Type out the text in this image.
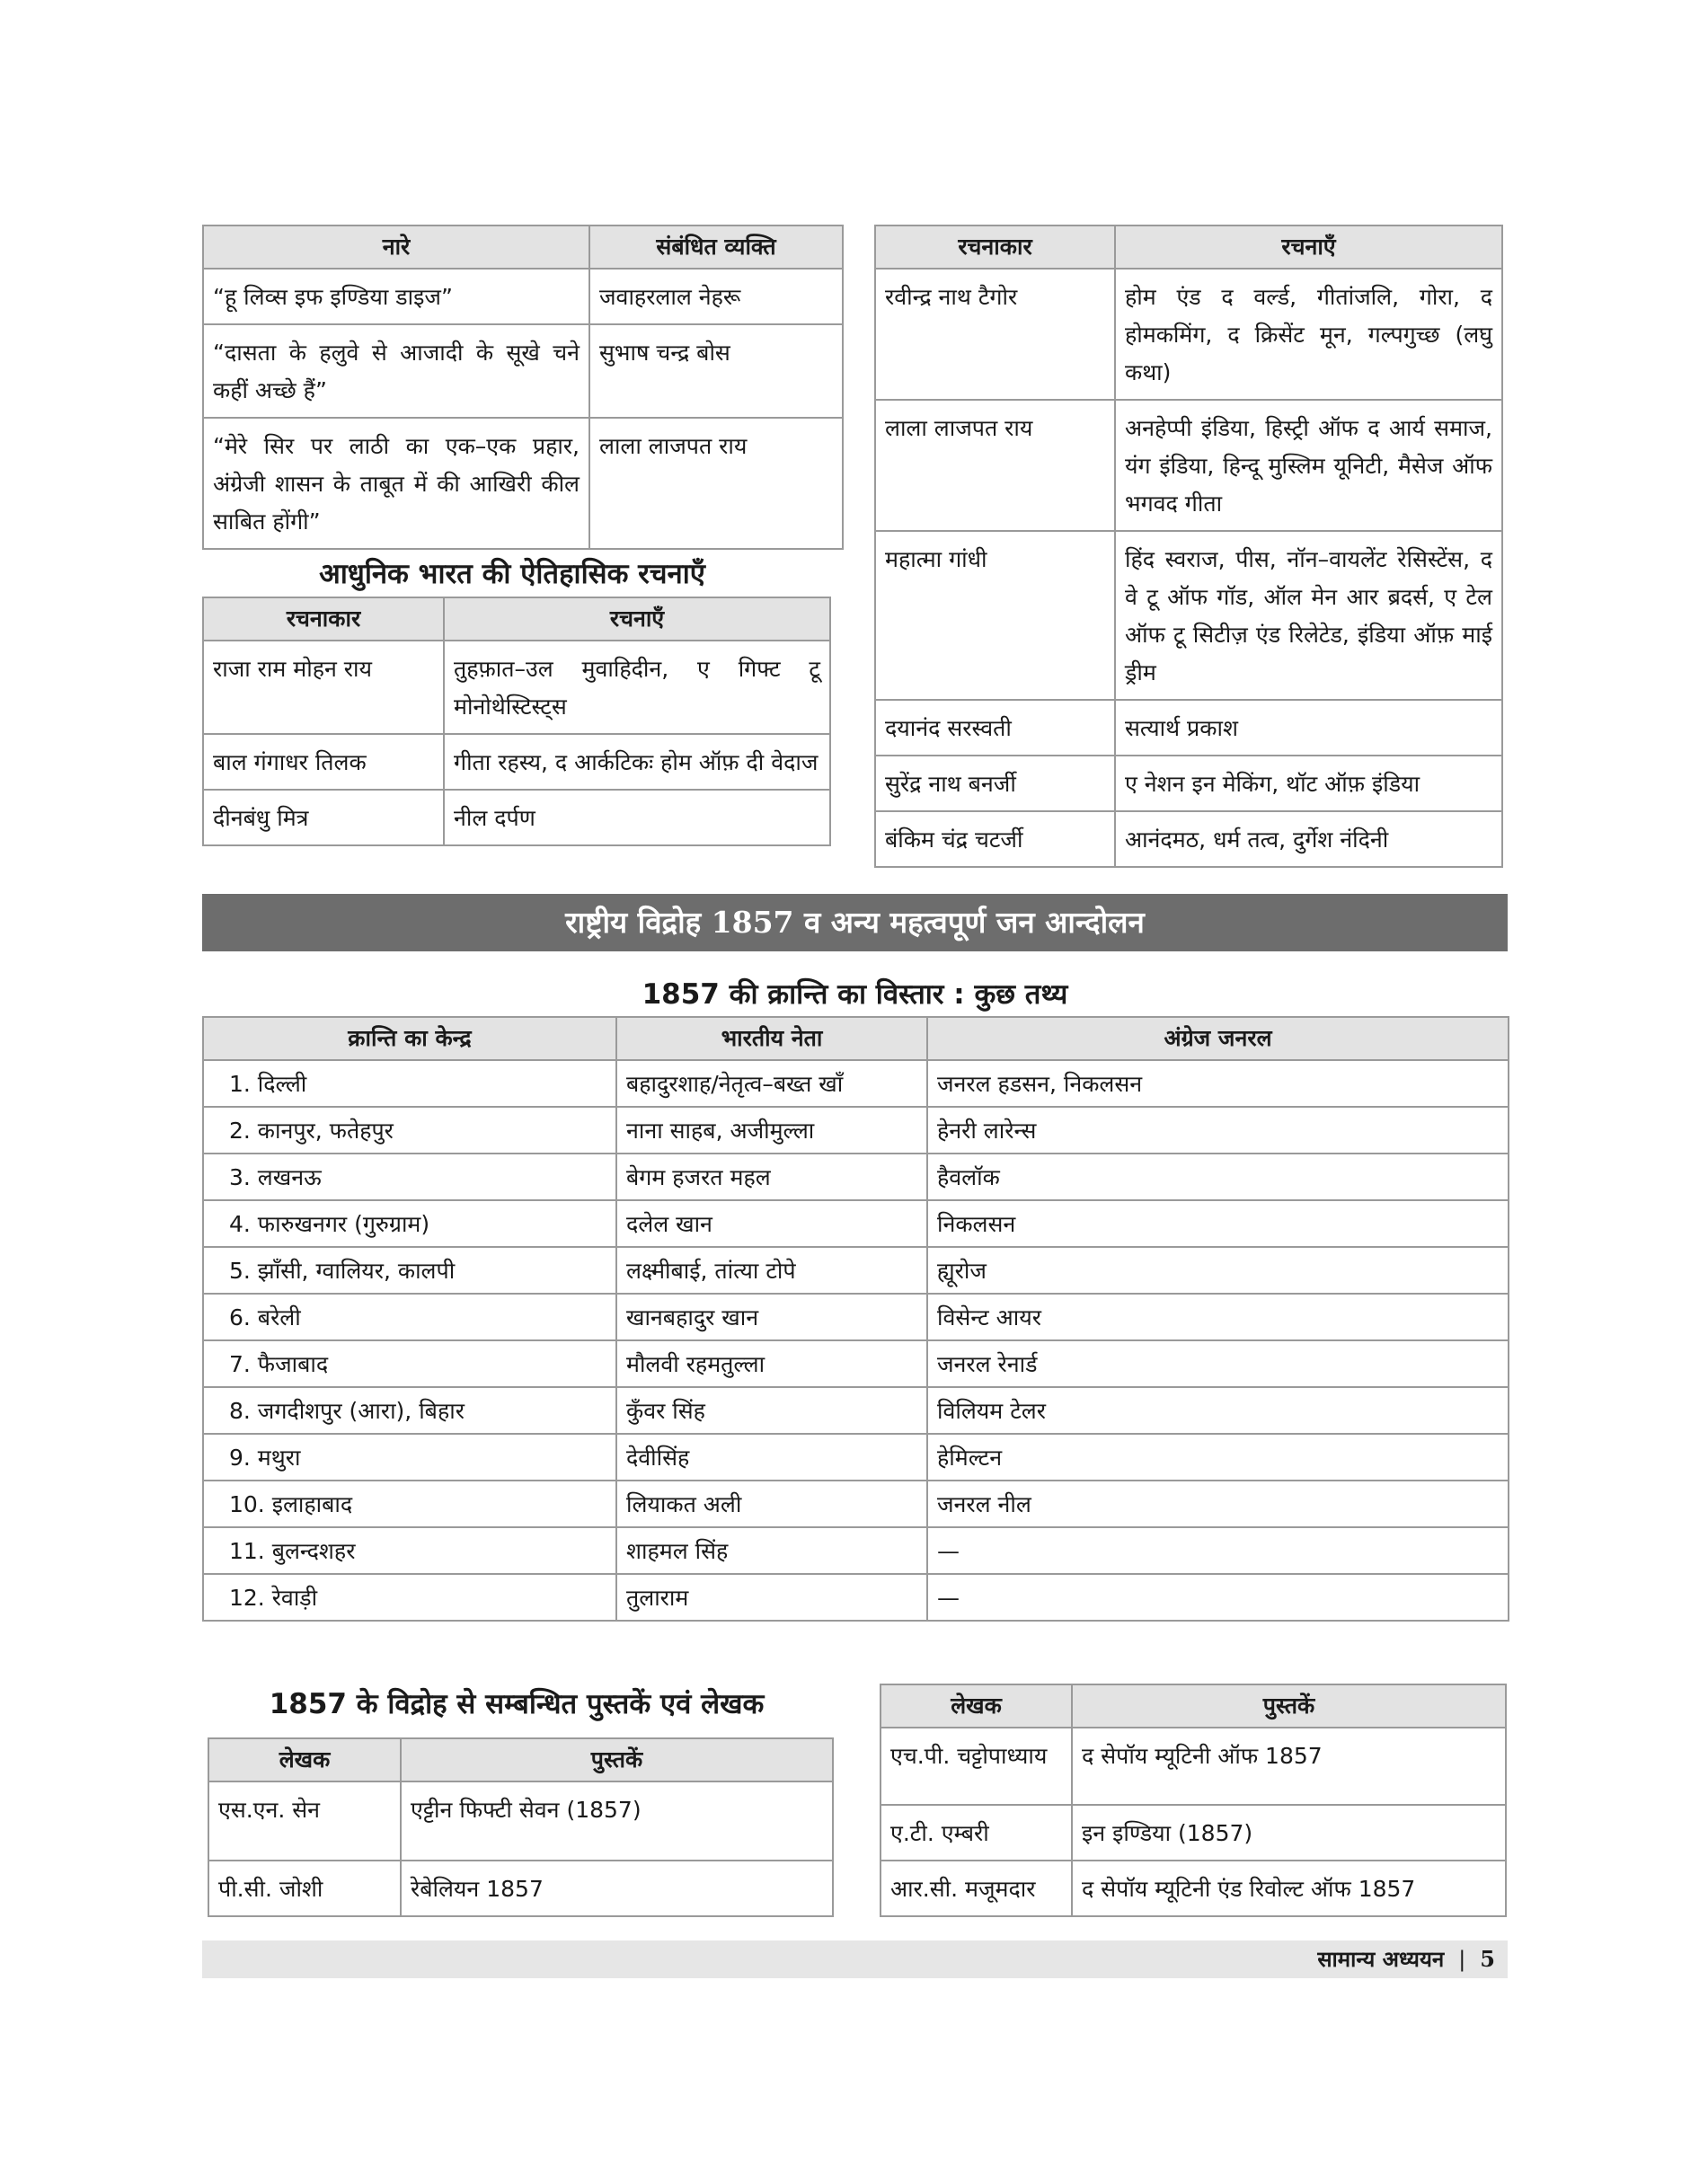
नारे	संबंधित व्यक्ति
“हू लिव्स इफ इण्डिया डाइज”	जवाहरलाल नेहरू
“दासता के हलुवे से आजादी के सूखे चने कहीं अच्छे हैं”	सुभाष चन्द्र बोस
“मेरे सिर पर लाठी का एक–एक प्रहार, अंग्रेजी शासन के ताबूत में की आखिरी कील साबित होंगी”	लाला लाजपत राय
आधुनिक भारत की ऐतिहासिक रचनाएँ
रचनाकार	रचनाएँ
राजा राम मोहन राय	तुहफ़ात–उल मुवाहिदीन, ए गिफ्ट टू मोनोथेस्टिस्ट्स
बाल गंगाधर तिलक	गीता रहस्य, द आर्कटिकः होम ऑफ़ दी वेदाज
दीनबंधु मित्र	नील दर्पण
रचनाकार	रचनाएँ
रवीन्द्र नाथ टैगोर	होम एंड द वर्ल्ड, गीतांजलि, गोरा, द होमकमिंग, द क्रिसेंट मून, गल्पगुच्छ (लघु कथा)
लाला लाजपत राय	अनहेप्पी इंडिया, हिस्ट्री ऑफ द आर्य समाज, यंग इंडिया, हिन्दू मुस्लिम यूनिटी, मैसेज ऑफ भगवद गीता
महात्मा गांधी	हिंद स्वराज, पीस, नॉन–वायलेंट रेसिस्टेंस, द वे टू ऑफ गॉड, ऑल मेन आर ब्रदर्स, ए टेल ऑफ टू सिटीज़ एंड रिलेटेड, इंडिया ऑफ़ माई ड्रीम
दयानंद सरस्वती	सत्यार्थ प्रकाश
सुरेंद्र नाथ बनर्जी	ए नेशन इन मेकिंग, थॉट ऑफ़ इंडिया
बंकिम चंद्र चटर्जी	आनंदमठ, धर्म तत्व, दुर्गेश नंदिनी
राष्ट्रीय विद्रोह 1857 व अन्य महत्वपूर्ण जन आन्दोलन
1857 की क्रान्ति का विस्तार : कुछ तथ्य
क्रान्ति का केन्द्र	भारतीय नेता	अंग्रेज जनरल
1. दिल्ली	बहादुरशाह/नेतृत्व–बख्त खाँ	जनरल हडसन, निकलसन
2. कानपुर, फतेहपुर	नाना साहब, अजीमुल्ला	हेनरी लारेन्स
3. लखनऊ	बेगम हजरत महल	हैवलॉक
4. फारुखनगर (गुरुग्राम)	दलेल खान	निकलसन
5. झाँसी, ग्वालियर, कालपी	लक्ष्मीबाई, तांत्या टोपे	ह्यूरोज
6. बरेली	खानबहादुर खान	विसेन्ट आयर
7. फैजाबाद	मौलवी रहमतुल्ला	जनरल रेनार्ड
8. जगदीशपुर (आरा), बिहार	कुँवर सिंह	विलियम टेलर
9. मथुरा	देवीसिंह	हेमिल्टन
10. इलाहाबाद	लियाकत अली	जनरल नील
11. बुलन्दशहर	शाहमल सिंह	—
12. रेवाड़ी	तुलाराम	—
1857 के विद्रोह से सम्बन्धित पुस्तकें एवं लेखक
लेखक	पुस्तकें
एस.एन. सेन	एट्टीन फिफ्टी सेवन (1857)
पी.सी. जोशी	रेबेलियन 1857
लेखक	पुस्तकें
एच.पी. चट्टोपाध्याय	द सेपॉय म्यूटिनी ऑफ 1857
ए.टी. एम्बरी	इन इण्डिया (1857)
आर.सी. मजूमदार	द सेपॉय म्यूटिनी एंड रिवोल्ट ऑफ 1857
सामान्य अध्ययन | 5
